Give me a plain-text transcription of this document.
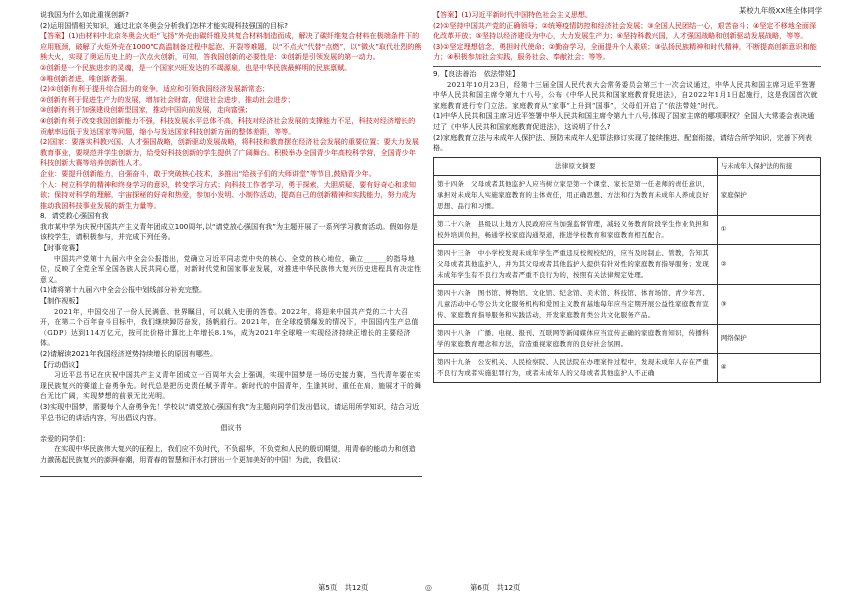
某校九年级XX班全体同学

说我国为什么如此重视创新?

(2)运用国情相关知识，通过北京冬奥会分析我们怎样才能实现科技强国的目标?

【答案】(1)由材料中北京冬奥会火炬“飞扬”外壳由碳纤维及其复合材料制造而成，解决了碳纤维复合材料在极端条件下的应用瓶颈，破解了火炬外壳在1000℃高温制备过程中起泡、开裂等难题，以“不点火”代替“点燃”，以“微火”取代壮烈的熊熊大火，实现了奥运历史上的一次点火创新，可知，答我国创新的必要性是：①创新是引领发展的第一动力。

②创新是一个民族进步的灵魂，是一个国家兴旺发达的不竭源泉，也是中华民族最鲜明的民族禀赋。

③唯创新者进，唯创新者强。

(2)①创新有利于提升综合国力的竞争，适应和引领我国经济发展新常态；

②创新有利于促进生产力的发展，增加社会财富，促进社会进步，推动社会进步；

③创新有利于加强建设创新型国家，推动中国向前发展，走向富强；

④创新有利于改变我国创新能力不强，科技发展水平总体不高，科技对经济社会发展的支撑能力不足，科技对经济增长的贡献率远低于发达国家等问题，缩小与发达国家科技创新方面的整体差距，等等。

(2)国家：要落实科教兴国、人才强国战略，创新驱动发展战略，将科技和教育摆在经济社会发展的重要位置；要大力发展教育事业，要规范并学生创新力，给受好科技创新的学生提供了广阔舞台。积极举办全国青少年高校科学营，全国青少年科技创新大赛等培养创新性人才。

企业：要提升创新能力，自强奋斗，敢于突破核心技术，多推出“给孩子们的大师讲堂”等节目,鼓励青少年。

个人：树立科学的精神和终身学习的意识，转变学习方式；向科技工作者学习，勇于探索，大胆质疑，要有好奇心和求知欲；保持对科学的理解，宇宙探秘的好奇和热爱，参加小发明、小制作活动，提高自己的创新精神和实践能力，努力成为推动我国科技事业发展的新生力量等。

8．请党救心强国有我

我市某中学为庆祝中国共产主义青年团成立100周年,以“请党放心强国有我”为主题开展了一系列学习教育活动。假如你是该校学生，请积极参与，并完成下列任务。

【时事竞赛】

中国共产党第十九届六中全会公报指出，党确立习近平同志党中央的核心、全党的核心地位，确立______的指导地位，反映了全党全军全国各族人民共同心愿，对新时代党和国家事业发展，对推进中华民族伟大复兴历史进程具有决定性意义。

(1)请将第十九届六中全会公报中划线部分补充完整。

【制作视板】

2021年，中国交出了一份人民满意、世界瞩目，可以载入史册的答卷。2022年，将迎来中国共产党的二十大召开，在第二个百年奋斗目标中，我们继续踔厉奋发，扬帆前行。2021年，在全球疫情爆发的情况下，中国国内生产总值（GDP）达到114万亿元，按可比价格计算比上年增长8.1%，成为2021年全球唯一实现经济持续正增长的主要经济体。

(2)请解读2021年我国经济逆势持续增长的原因有哪些。

【行动倡议】

习近平总书记在庆祝中国共产主义青年团成立一百周年大会上强调，实现中国梦是一场历史接力赛，当代青年要在实现民族复兴的赛道上奋勇争先。时代总是把历史责任赋予青年。新时代的中国青年，生逢其时，重任在肩，施展才干的舞台无比广阔，实现梦想的前景无比光明。

(3)实现中国梦，需要每个人奋勇争先！学校以“请党放心强国有我”为主题向同学们发出倡议，请运用所学知识，结合习近平总书记的讲话内容，写出倡议内容。

倡议书

亲爱的同学们：

在实现中华民族伟大复兴的征程上，我们应不负时代，不负韶华，不负党和人民的殷切期望，用青春的能动力和创造力激荡起民族复兴的澎湃春潮，用青春的智慧和汗水打拼出一个更加美好的中国！为此，我倡议：

【答案】(1)习近平新时代中国特色社会主义思想。

(2)①坚持中国共产党的正确领导；②统筹疫情防控和经济社会发展；③全国人民团结一心，艰苦奋斗；④坚定不移地全面深化改革开放；⑤坚持以经济建设为中心，大力发展生产力；⑥坚持科教兴国，人才强国战略和创新驱动发展战略，等等。

(3)①坚定理想信念，勇担时代使命；②勤奋学习，全面提升个人素质；③弘扬民族精神和时代精神，不断提高创新意识和能力；④积极参加社会实践，服务社会、奉献社会；等等。

9．【良法善治　依法带娃】

2021年10月23日，经第十三届全国人民代表大会常务委员会第三十一次会议通过，中华人民共和国主席习近平签署中华人民共和国主席令第九十八号，公布《中华人民共和国家庭教育促进法》，自2022年1月1日起施行，这是我国首次就家庭教育进行专门立法。家庭教育从“家事”上升到“国事”，父母们开启了“依法带娃”时代。

(1)中华人民共和国主席习近平签署中华人民共和国主席令第九十八号,体现了国家主席的哪项职权？全国人大常委会表决通过了《中华人民共和国家庭教育促进法》，这说明了什么?

(2)家庭教育立法与未成年人保护法、预防未成年人犯罪法修订实现了接续推进、配套衔接，请结合所学知识，完善下列表格。

法律原文摘要	与未成年人保护法的衔接
第十四条　父母或者其他监护人应当树立家是第一个课堂、家长是第一任老师的责任意识，承担对未成年人实施家庭教育的主体责任，用正确思想、方法和行为教育未成年人养成良好思想、品行和习惯。	家庭保护
第二十六条　县级以上地方人民政府应当加强监督管理，减轻义务教育阶段学生作业负担和校外培训负担，畅通学校家庭沟通渠道，推进学校教育和家庭教育相互配合。	①
第四十三条　中小学校发现未成年学生严重违反校规校纪的，应当及时制止、管教，告知其父母或者其他监护人，并为其父母或者其他监护人提供有针对性的家庭教育指导服务；发现未成年学生有不良行为或者严重不良行为的，按照有关法律规定处理。	②
第四十六条　图书馆、博物馆、文化馆、纪念馆、美术馆、科技馆、体育场馆、青少年宫、儿童活动中心等公共文化服务机构和爱国主义教育基地每年应当定期开展公益性家庭教育宣传、家庭教育指导服务和实践活动，开发家庭教育类公共文化服务产品。	③
第四十八条　广播、电视、报刊、互联网等新闻媒体应当宣传正确的家庭教育知识，传播科学的家庭教育理念和方法，营造重视家庭教育的良好社会氛围。	网络保护
第四十九条　公安机关、人民检察院、人民法院在办理案件过程中，发现未成年人存在严重不良行为或者实施犯罪行为，或者未成年人的父母或者其他监护人不正确	④
第5页　共12页	◎	第6页　共12页
